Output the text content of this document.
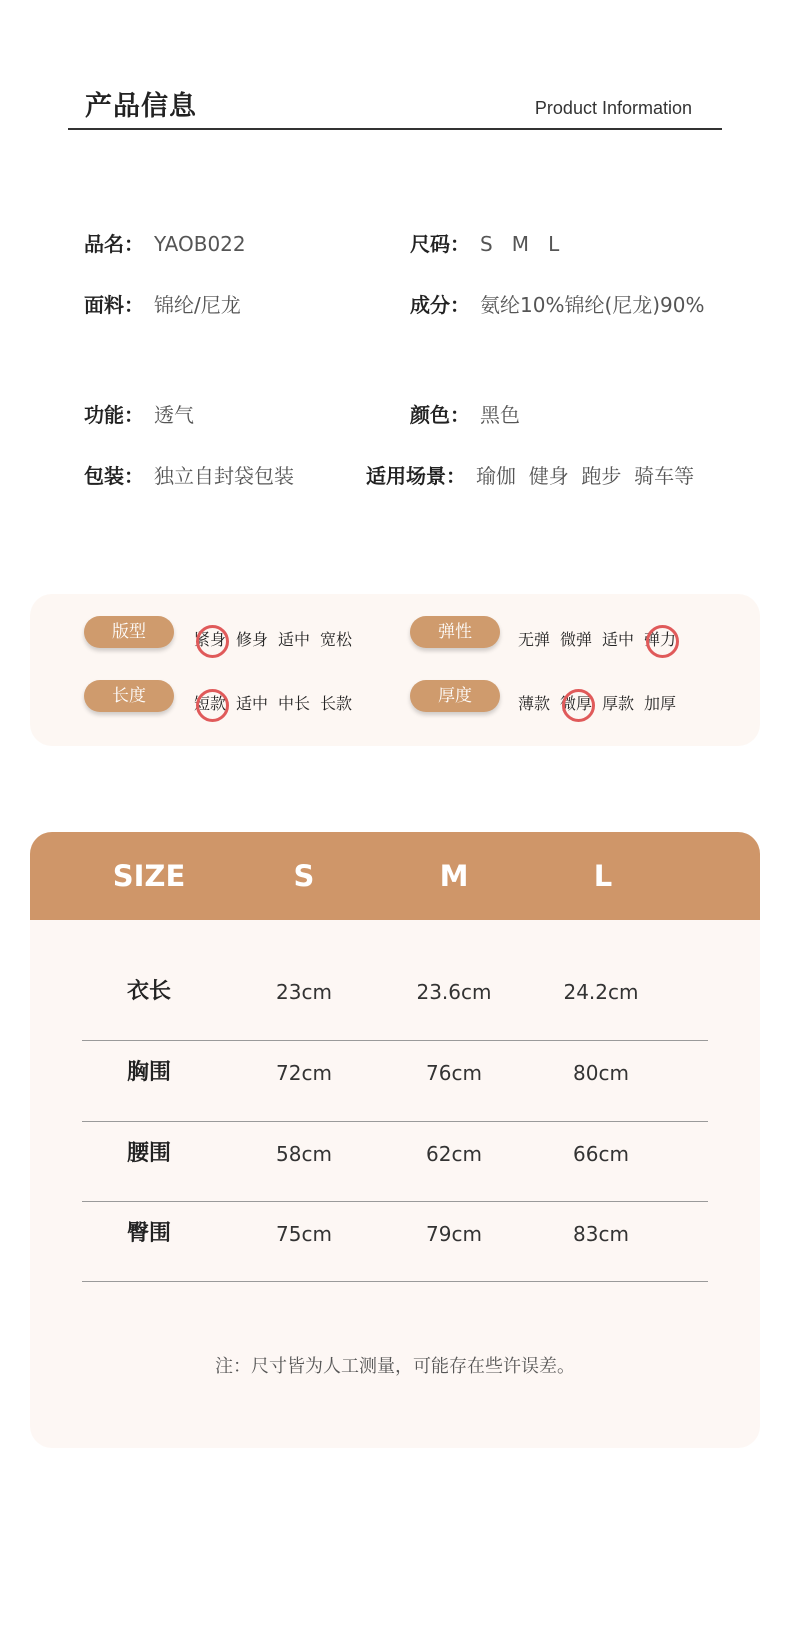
产品信息	Product Information
品名： YAOB022	尺码： S   M   L
面料： 锦纶/尼龙	成分： 氨纶10%锦纶(尼龙)90%
功能： 透气	颜色： 黑色
包装： 独立自封袋包装	适用场景： 瑜伽  健身  跑步  骑车等
版型	紧身 修身 适中 宽松	弹性	无弹 微弹 适中 弹力
长度	短款 适中 中长 长款	厚度	薄款 微厚 厚款 加厚
SIZE	S	M	L
衣长	23cm	23.6cm	24.2cm
胸围	72cm	76cm	80cm
腰围	58cm	62cm	66cm
臀围	75cm	79cm	83cm
注：尺寸皆为人工测量，可能存在些许误差。
